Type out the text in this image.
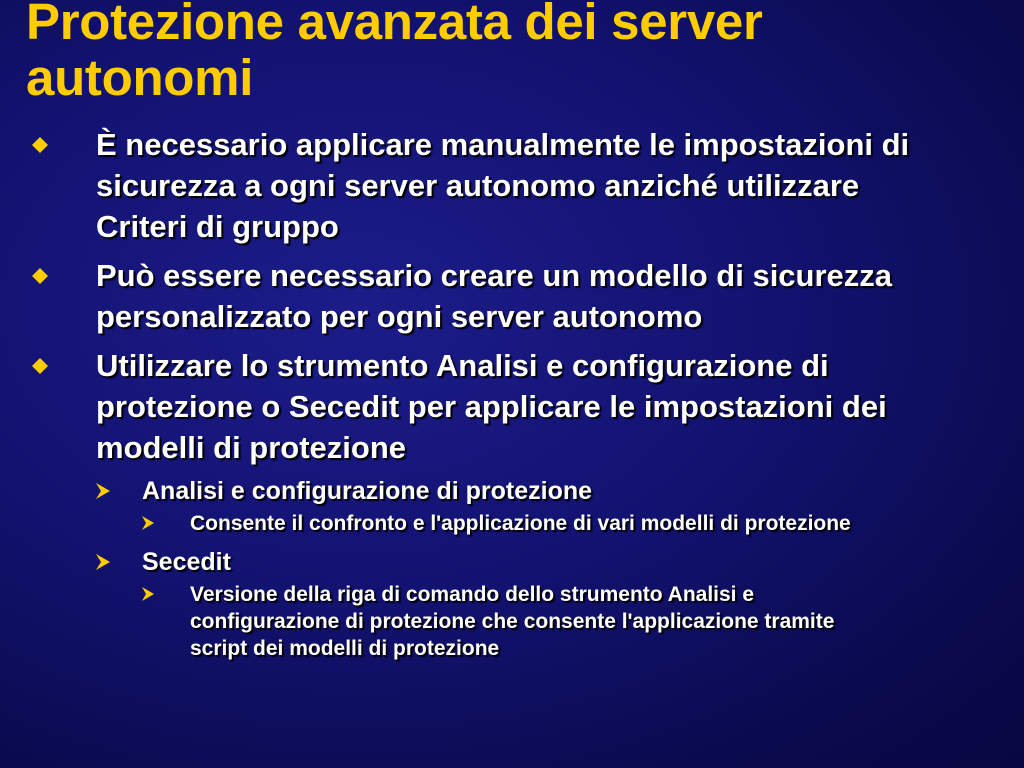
Protezione avanzata dei server autonomi
È necessario applicare manualmente le impostazioni di sicurezza a ogni server autonomo anziché utilizzare Criteri di gruppo
Può essere necessario creare un modello di sicurezza personalizzato per ogni server autonomo
Utilizzare lo strumento Analisi e configurazione di protezione o Secedit per applicare le impostazioni dei modelli di protezione
Analisi e configurazione di protezione
Consente il confronto e l'applicazione di vari modelli di protezione
Secedit
Versione della riga di comando dello strumento Analisi e configurazione di protezione che consente l'applicazione tramite script dei modelli di protezione
